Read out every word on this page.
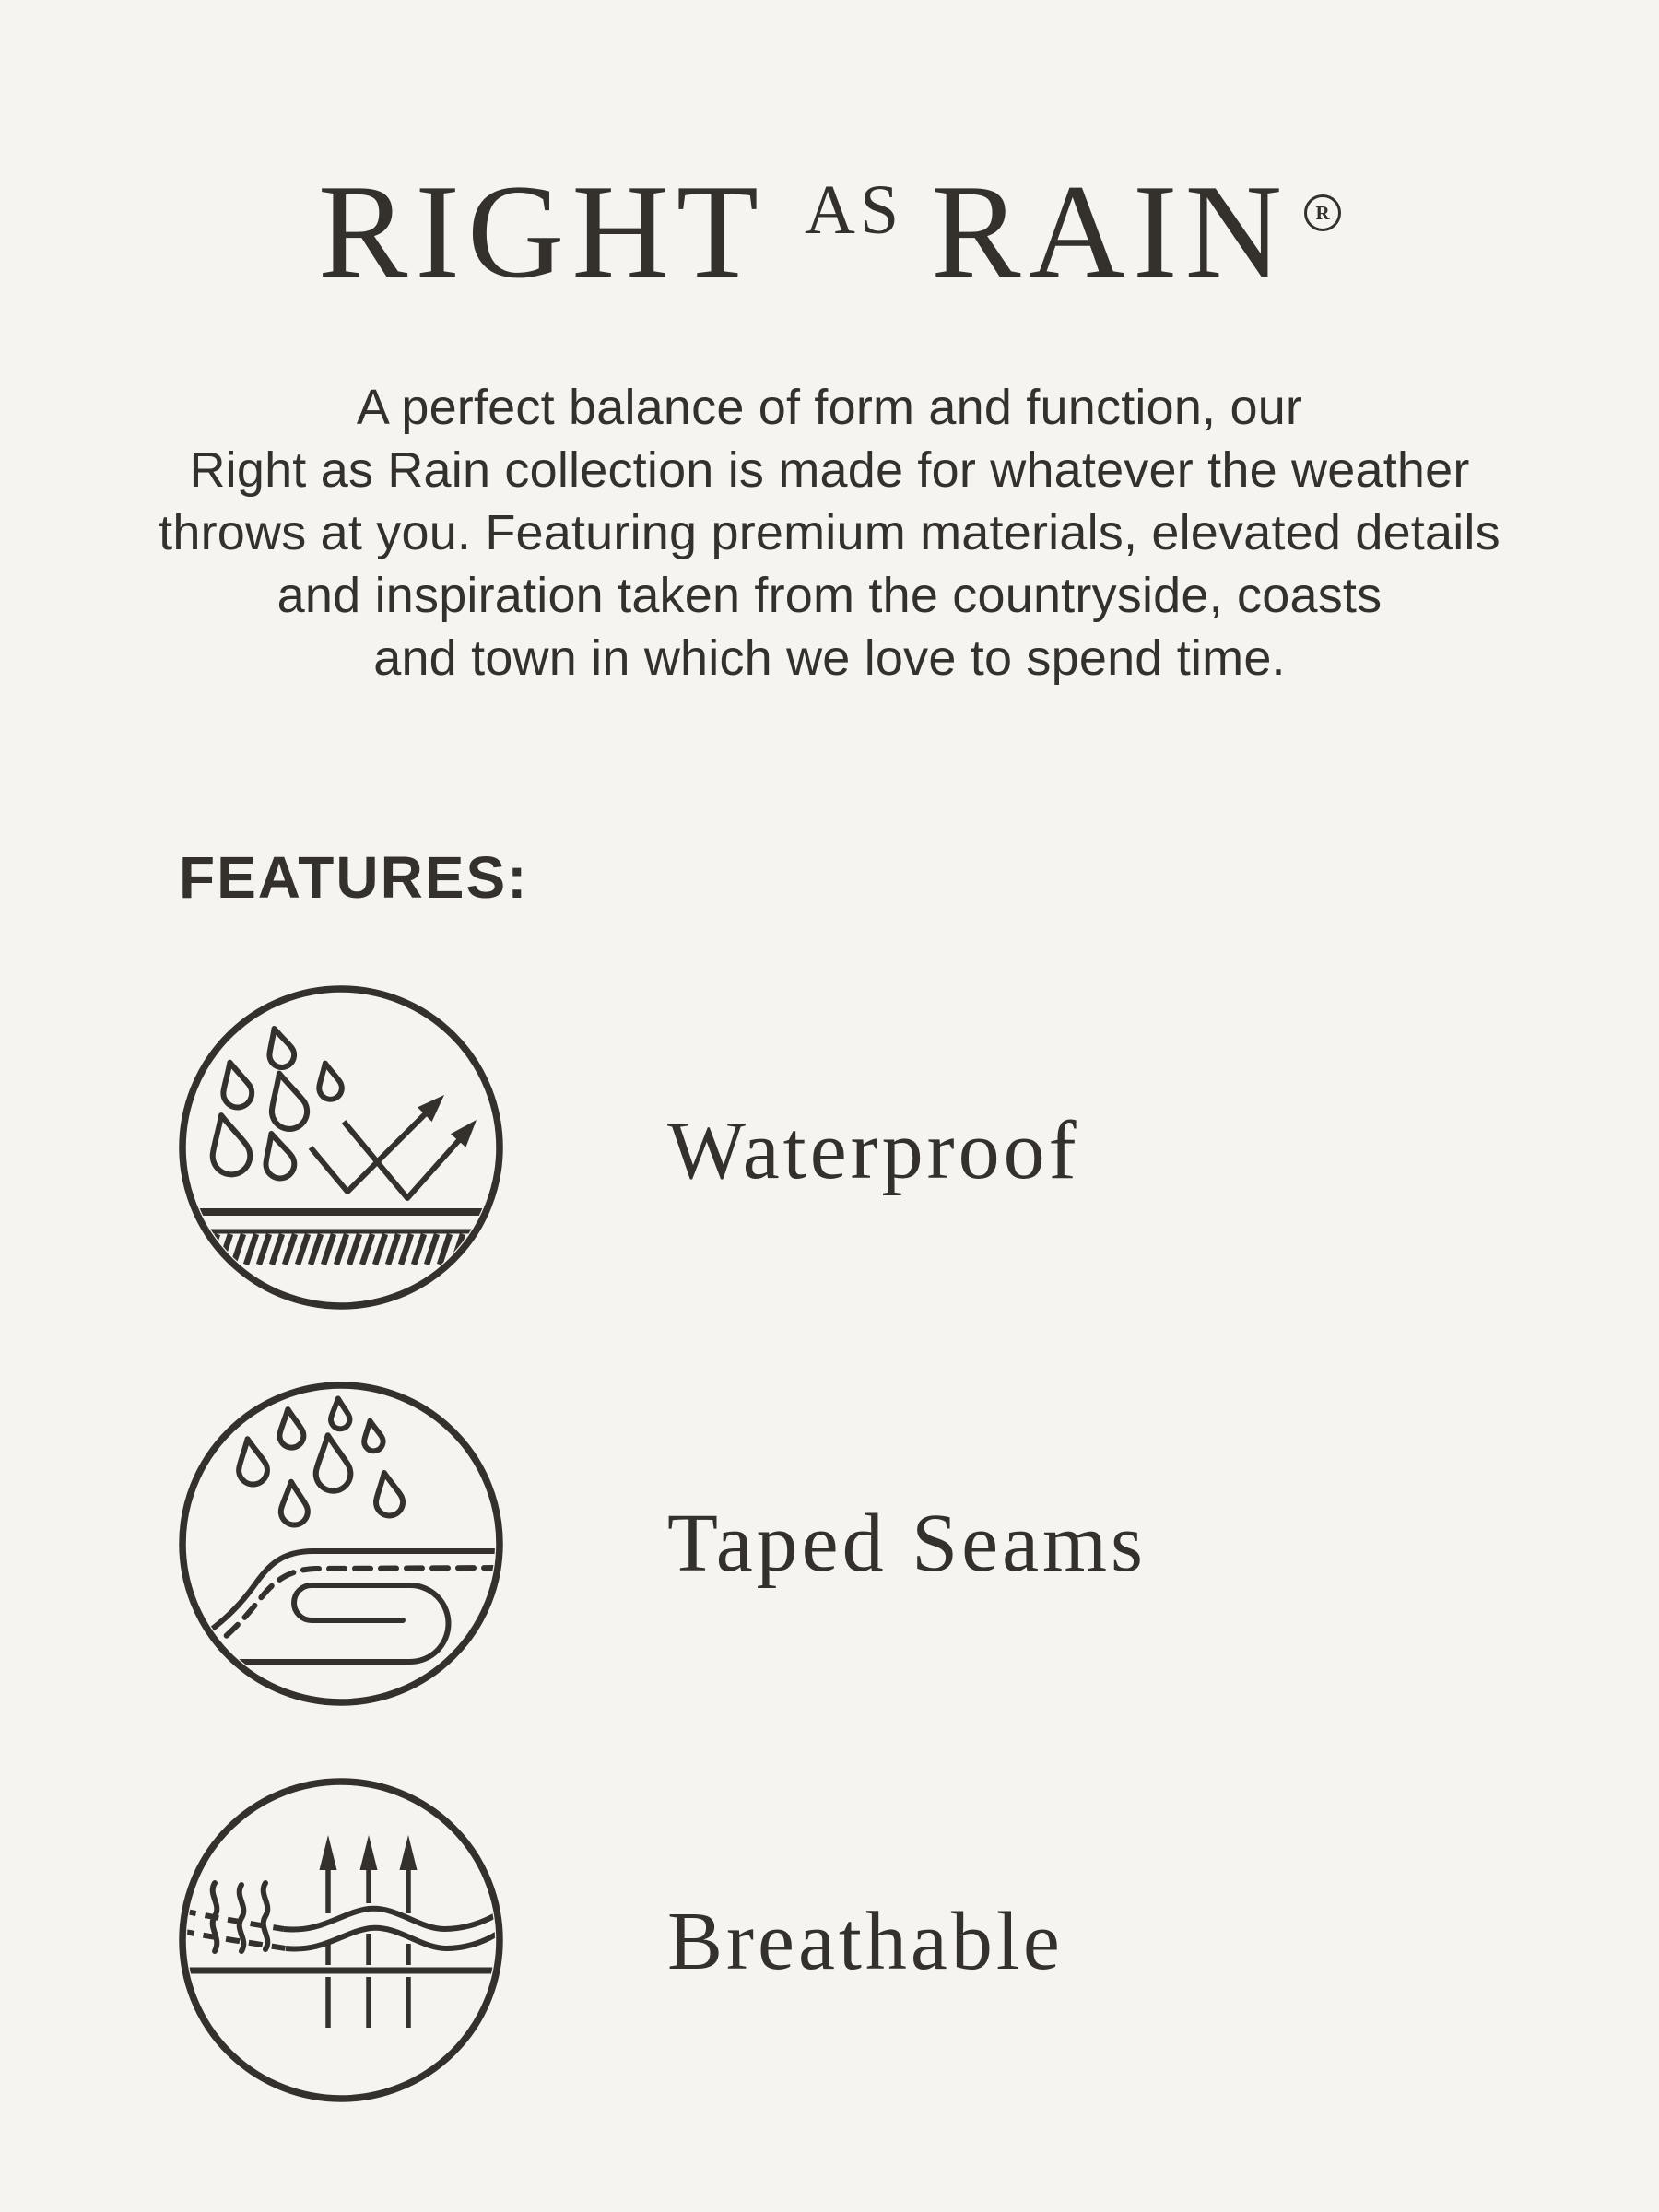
RIGHT AS RAIN R
A perfect balance of form and function, our
Right as Rain collection is made for whatever the weather
throws at you. Featuring premium materials, elevated details
and inspiration taken from the countryside, coasts
and town in which we love to spend time.
FEATURES:
Waterproof
Taped Seams
Breathable
